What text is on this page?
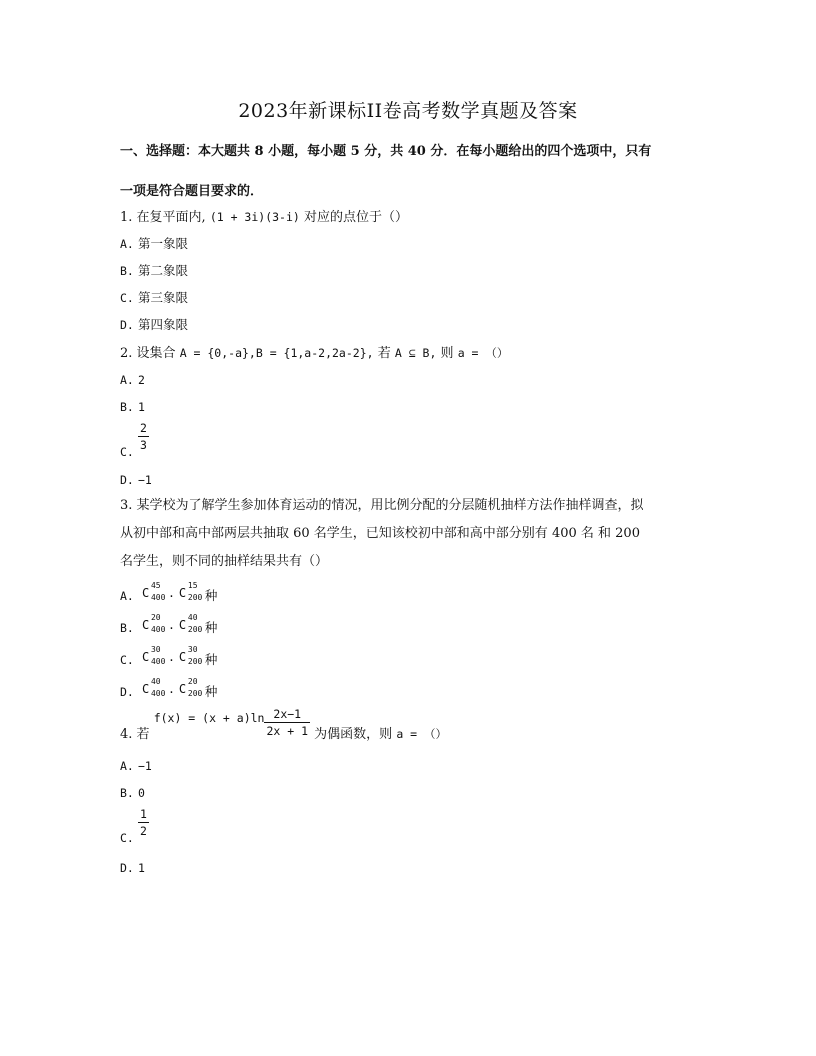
2023年新课标II卷高考数学真题及答案
一、选择题：本大题共 8 小题，每小题 5 分，共 40 分．在每小题给出的四个选项中，只有
一项是符合题目要求的．
1. 在复平面内, (1 + 3i)(3-i) 对应的点位于（）
A. 第一象限
B. 第二象限
C. 第三象限
D. 第四象限
2. 设集合 A = {0,-a},B = {1,a-2,2a-2}, 若 A ⊆ B, 则 a = （）
A. 2
B. 1
C. $\frac{2}{3}$
D. −1
3. 某学校为了解学生参加体育运动的情况，用比例分配的分层随机抽样方法作抽样调查，拟
从初中部和高中部两层共抽取 60 名学生，已知该校初中部和高中部分别有 400 名 和 200
名学生，则不同的抽样结果共有（）
A. C
45
400 · C
15
200 种
B. C
20
400 · C
40
200 种
C. C
30
400 · C
30
200 种
D. C
40
400 · C
20
200 种
4. 若 $f(x) = (x + a)\ln \frac{2x-1}{2x + 1}$ 为偶函数，则 a = （）
A. −1
B. 0
C. $\frac{1}{2}$
D. 1
